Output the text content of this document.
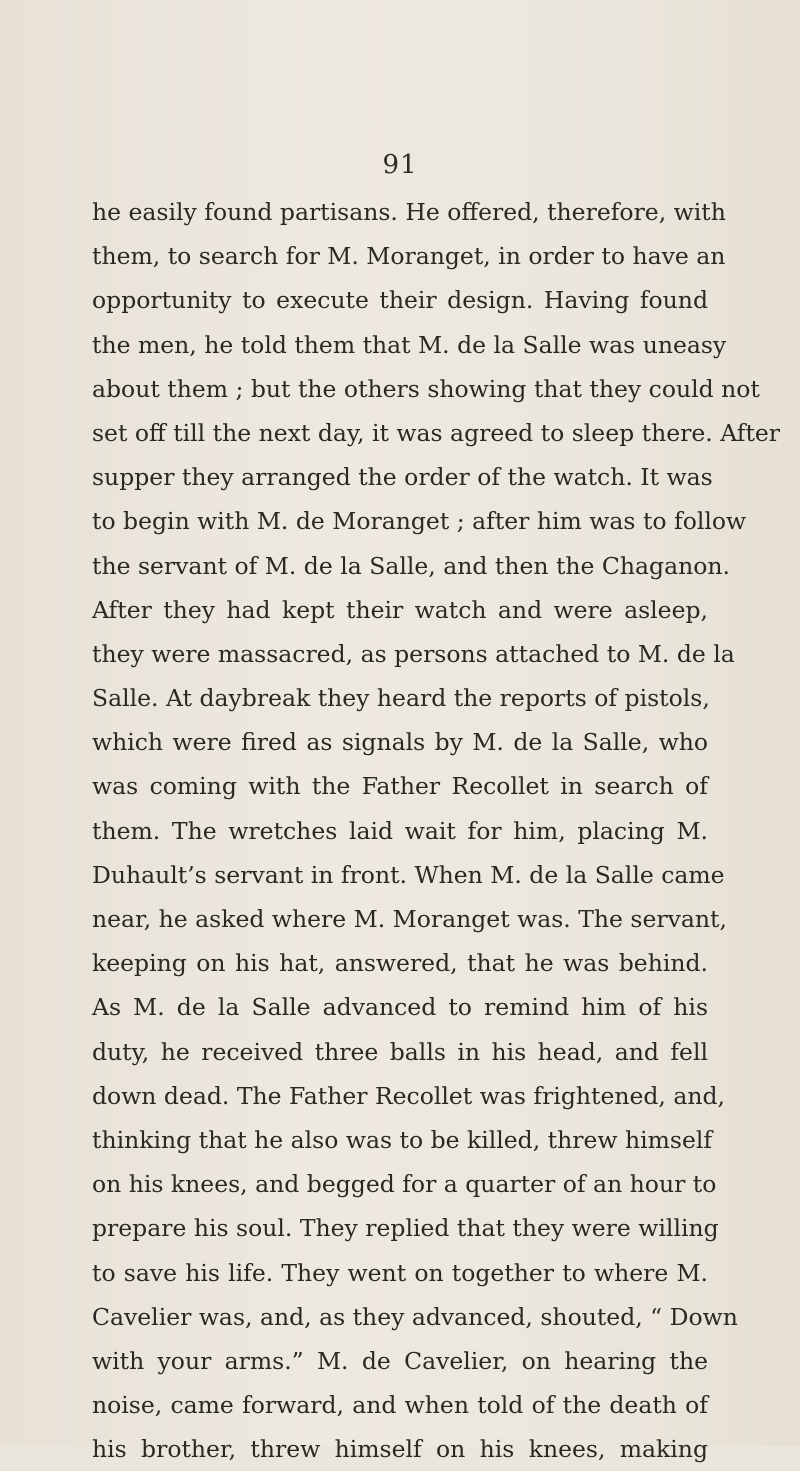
91
he easily found partisans. He offered, therefore, with
them, to search for M. Moranget, in order to have an
opportunity to execute their design. Having found
the men, he told them that M. de la Salle was uneasy
about them ; but the others showing that they could not
set off till the next day, it was agreed to sleep there. After
supper they arranged the order of the watch. It was
to begin with M. de Moranget ; after him was to follow
the servant of M. de la Salle, and then the Chaganon.
After they had kept their watch and were asleep,
they were massacred, as persons attached to M. de la
Salle. At daybreak they heard the reports of pistols,
which were fired as signals by M. de la Salle, who
was coming with the Father Recollet in search of
them. The wretches laid wait for him, placing M.
Duhault’s servant in front. When M. de la Salle came
near, he asked where M. Moranget was. The servant,
keeping on his hat, answered, that he was behind.
As M. de la Salle advanced to remind him of his
duty, he received three balls in his head, and fell
down dead. The Father Recollet was frightened, and,
thinking that he also was to be killed, threw himself
on his knees, and begged for a quarter of an hour to
prepare his soul. They replied that they were willing
to save his life. They went on together to where M.
Cavelier was, and, as they advanced, shouted, “ Down
with your arms.” M. de Cavelier, on hearing the
noise, came forward, and when told of the death of
his brother, threw himself on his knees, making
